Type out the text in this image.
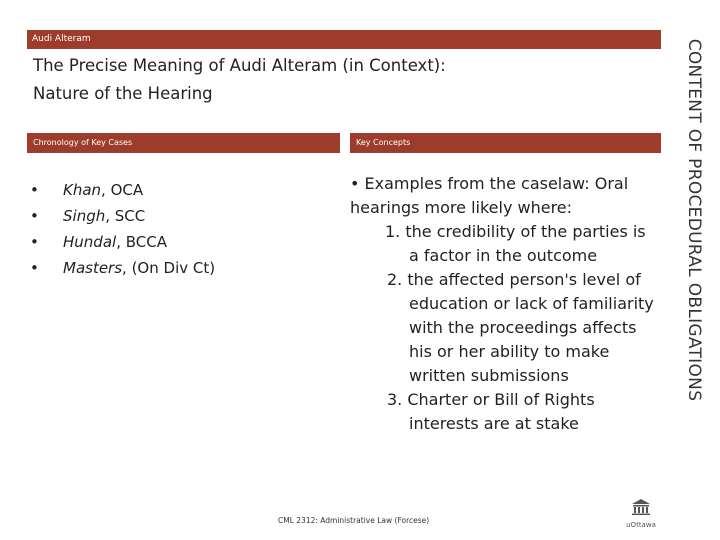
Audi Alteram
The Precise Meaning of Audi Alteram (in Context):
Nature of the Hearing
Chronology of Key Cases	Key Concepts
• Khan, OCA
• Singh, SCC
• Hundal, BCCA
• Masters, (On Div Ct)

• Examples from the caselaw: Oral hearings more likely where:

1. the credibility of the parties is a factor in the outcome
2. the affected person's level of education or lack of familiarity with the proceedings affects his or her ability to make written submissions
3. Charter or Bill of Rights interests are at stake
CML 2312: Administrative Law (Forcese)	uOttawa
CONTENT OF PROCEDURAL OBLIGATIONS
